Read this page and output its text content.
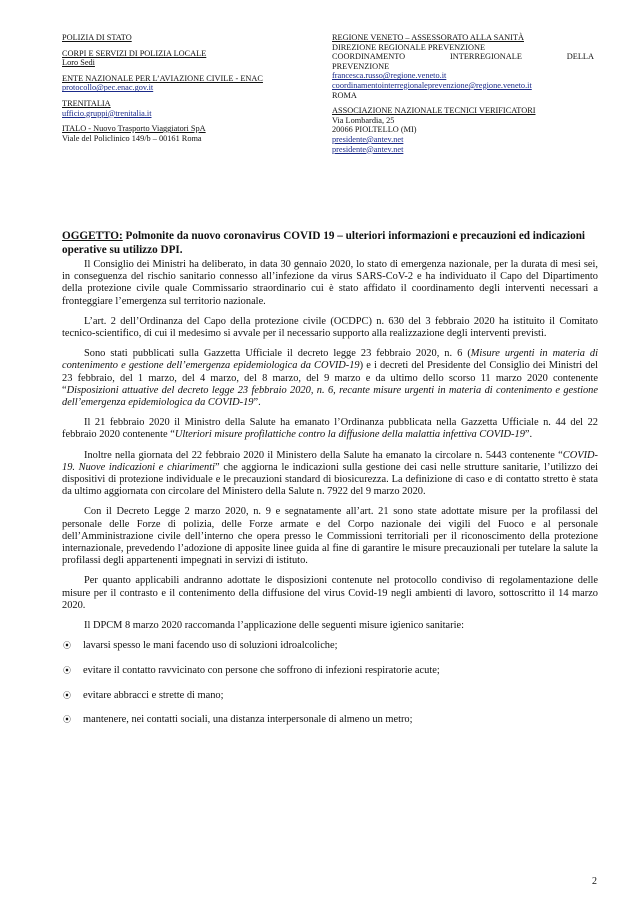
POLIZIA DI STATO
CORPI E SERVIZI DI POLIZIA LOCALE
Loro Sedi
ENTE NAZIONALE PER L’AVIAZIONE CIVILE - ENAC
protocollo@pec.enac.gov.it
TRENITALIA
ufficio.gruppi@trenitalia.it
ITALO - Nuovo Trasporto Viaggiatori SpA
Viale del Policlinico 149/b – 00161 Roma
REGIONE VENETO – ASSESSORATO ALLA SANITÀ
DIREZIONE REGIONALE PREVENZIONE
COORDINAMENTO	INTERREGIONALE	DELLA
PREVENZIONE
francesca.russo@regione.veneto.it
coordinamentointerregionaleprevenzione@regione.veneto.it
ROMA
ASSOCIAZIONE NAZIONALE TECNICI VERIFICATORI
Via Lombardia, 25
20066 PIOLTELLO (MI)
presidente@antev.net
presidente@antev.net
OGGETTO: Polmonite da nuovo coronavirus COVID 19 – ulteriori informazioni e precauzioni ed indicazioni operative su utilizzo DPI.

Il Consiglio dei Ministri ha deliberato, in data 30 gennaio 2020, lo stato di emergenza nazionale, per la durata di mesi sei, in conseguenza del rischio sanitario connesso all’infezione da virus SARS-CoV-2 e ha individuato il Capo del Dipartimento della protezione civile quale Commissario straordinario cui è stato affidato il coordinamento degli interventi necessari a fronteggiare l’emergenza sul territorio nazionale.

L’art. 2 dell’Ordinanza del Capo della protezione civile (OCDPC) n. 630 del 3 febbraio 2020 ha istituito il Comitato tecnico-scientifico, di cui il medesimo si avvale per il necessario supporto alla realizzazione degli interventi previsti.

Sono stati pubblicati sulla Gazzetta Ufficiale il decreto legge 23 febbraio 2020, n. 6 (Misure urgenti in materia di contenimento e gestione dell’emergenza epidemiologica da COVID-19) e i decreti del Presidente del Consiglio dei Ministri del 23 febbraio, del 1 marzo, del 4 marzo, del 8 marzo, del 9 marzo e da ultimo dello scorso 11 marzo 2020 contenente “Disposizioni attuative del decreto legge 23 febbraio 2020, n. 6, recante misure urgenti in materia di contenimento e gestione dell’emergenza epidemiologica da COVID-19”.

Il 21 febbraio 2020 il Ministro della Salute ha emanato l’Ordinanza pubblicata nella Gazzetta Ufficiale n. 44 del 22 febbraio 2020 contenente “Ulteriori misure profilattiche contro la diffusione della malattia infettiva COVID-19”.

Inoltre nella giornata del 22 febbraio 2020 il Ministero della Salute ha emanato la circolare n. 5443 contenente “COVID-19. Nuove indicazioni e chiarimenti” che aggiorna le indicazioni sulla gestione dei casi nelle strutture sanitarie, l’utilizzo dei dispositivi di protezione individuale e le precauzioni standard di biosicurezza. La definizione di caso e di contatto stretto è stata da ultimo aggiornata con circolare del Ministero della Salute n. 7922 del 9 marzo 2020.

Con il Decreto Legge 2 marzo 2020, n. 9 e segnatamente all’art. 21 sono state adottate misure per la profilassi del personale delle Forze di polizia, delle Forze armate e del Corpo nazionale dei vigili del Fuoco e al personale dell’Amministrazione civile dell’interno che opera presso le Commissioni territoriali per il riconoscimento della protezione internazionale, prevedendo l’adozione di apposite linee guida al fine di garantire le misure precauzionali per tutelare la salute la profilassi degli appartenenti impegnati in servizi di istituto.

Per quanto applicabili andranno adottate le disposizioni contenute nel protocollo condiviso di regolamentazione delle misure per il contrasto e il contenimento della diffusione del virus Covid-19 negli ambienti di lavoro, sottoscritto il 14 marzo 2020.

Il DPCM 8 marzo 2020 raccomanda l’applicazione delle seguenti misure igienico sanitarie:

⦿	lavarsi spesso le mani facendo uso di soluzioni idroalcoliche;
⦿	evitare il contatto ravvicinato con persone che soffrono di infezioni respiratorie acute;
⦿	evitare abbracci e strette di mano;
⦿	mantenere, nei contatti sociali, una distanza interpersonale di almeno un metro;
2
